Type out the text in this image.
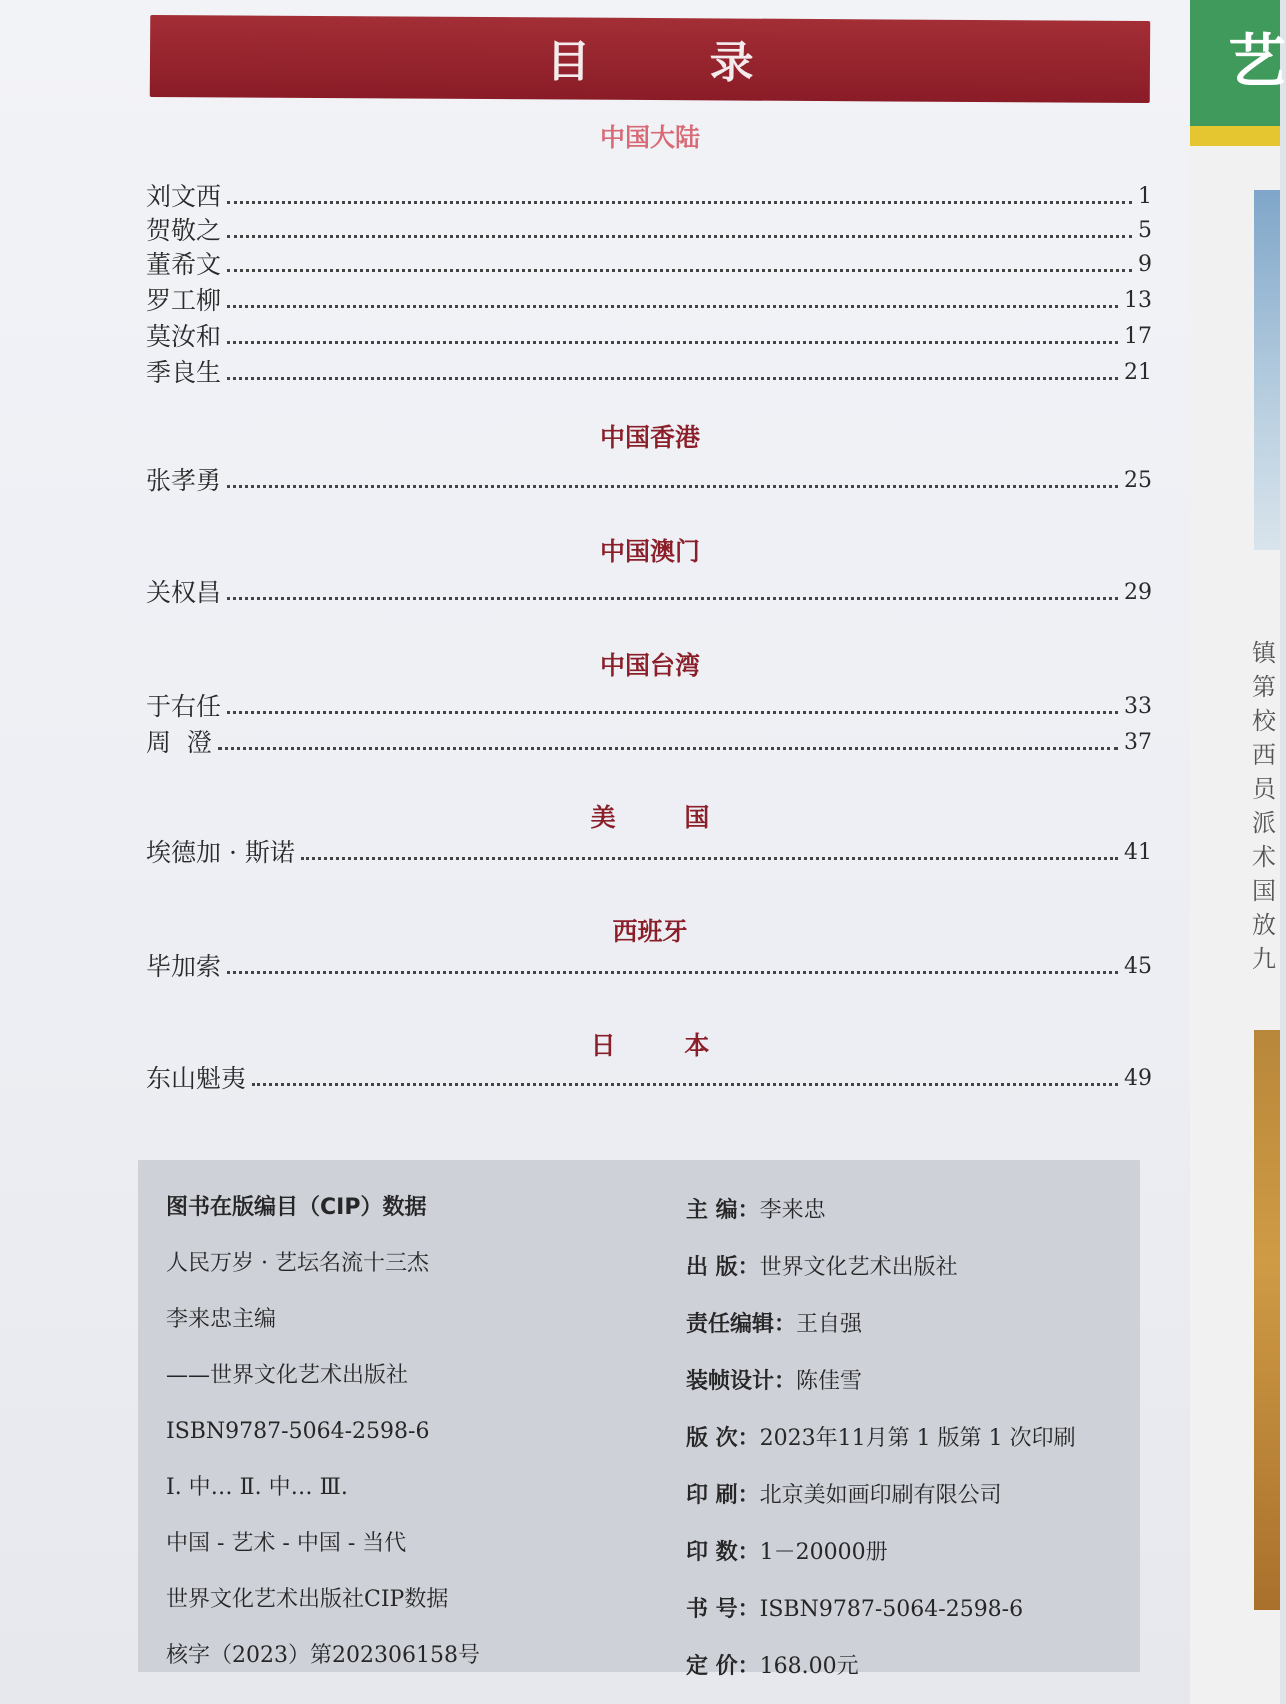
目 录
中国大陆
刘文西	1
贺敬之	5
董希文	9
罗工柳	13
莫汝和	17
季良生	21
中国香港
张孝勇	25
中国澳门
关权昌	29
中国台湾
于右任	33
周  澄	37
美 国
埃德加 · 斯诺	41
西班牙
毕加索	45
日 本
东山魁夷	49
图书在版编目（CIP）数据
人民万岁 · 艺坛名流十三杰
李来忠主编
——世界文化艺术出版社
ISBN9787-5064-2598-6
Ⅰ. 中… Ⅱ. 中… Ⅲ.
中国 - 艺术 - 中国 - 当代
世界文化艺术出版社CIP数据
核字（2023）第202306158号
主 编：李来忠
出 版：世界文化艺术出版社
责任编辑：王自强
装帧设计：陈佳雪
版 次：2023年11月第 1 版第 1 次印刷
印 刷：北京美如画印刷有限公司
印 数：1－20000册
书 号：ISBN9787-5064-2598-6
定 价：168.00元
艺
镇
第
校
西
员
派
术
国
放
九
